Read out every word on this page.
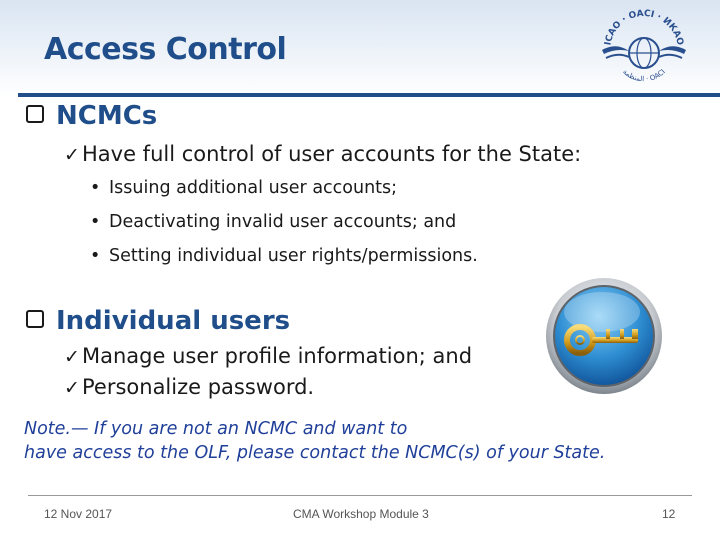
Access Control	ICAO · OACI · ИКАО
المنظمة · OACI
NCMCs
✓Have full control of user accounts for the State:
• Issuing additional user accounts;
• Deactivating invalid user accounts; and
• Setting individual user rights/permissions.
Individual users
✓Manage user profile information; and
✓Personalize password.
Note.— If you are not an NCMC and want to
have access to the OLF, please contact the NCMC(s) of your State.
12 Nov 2017	CMA Workshop Module 3	12
